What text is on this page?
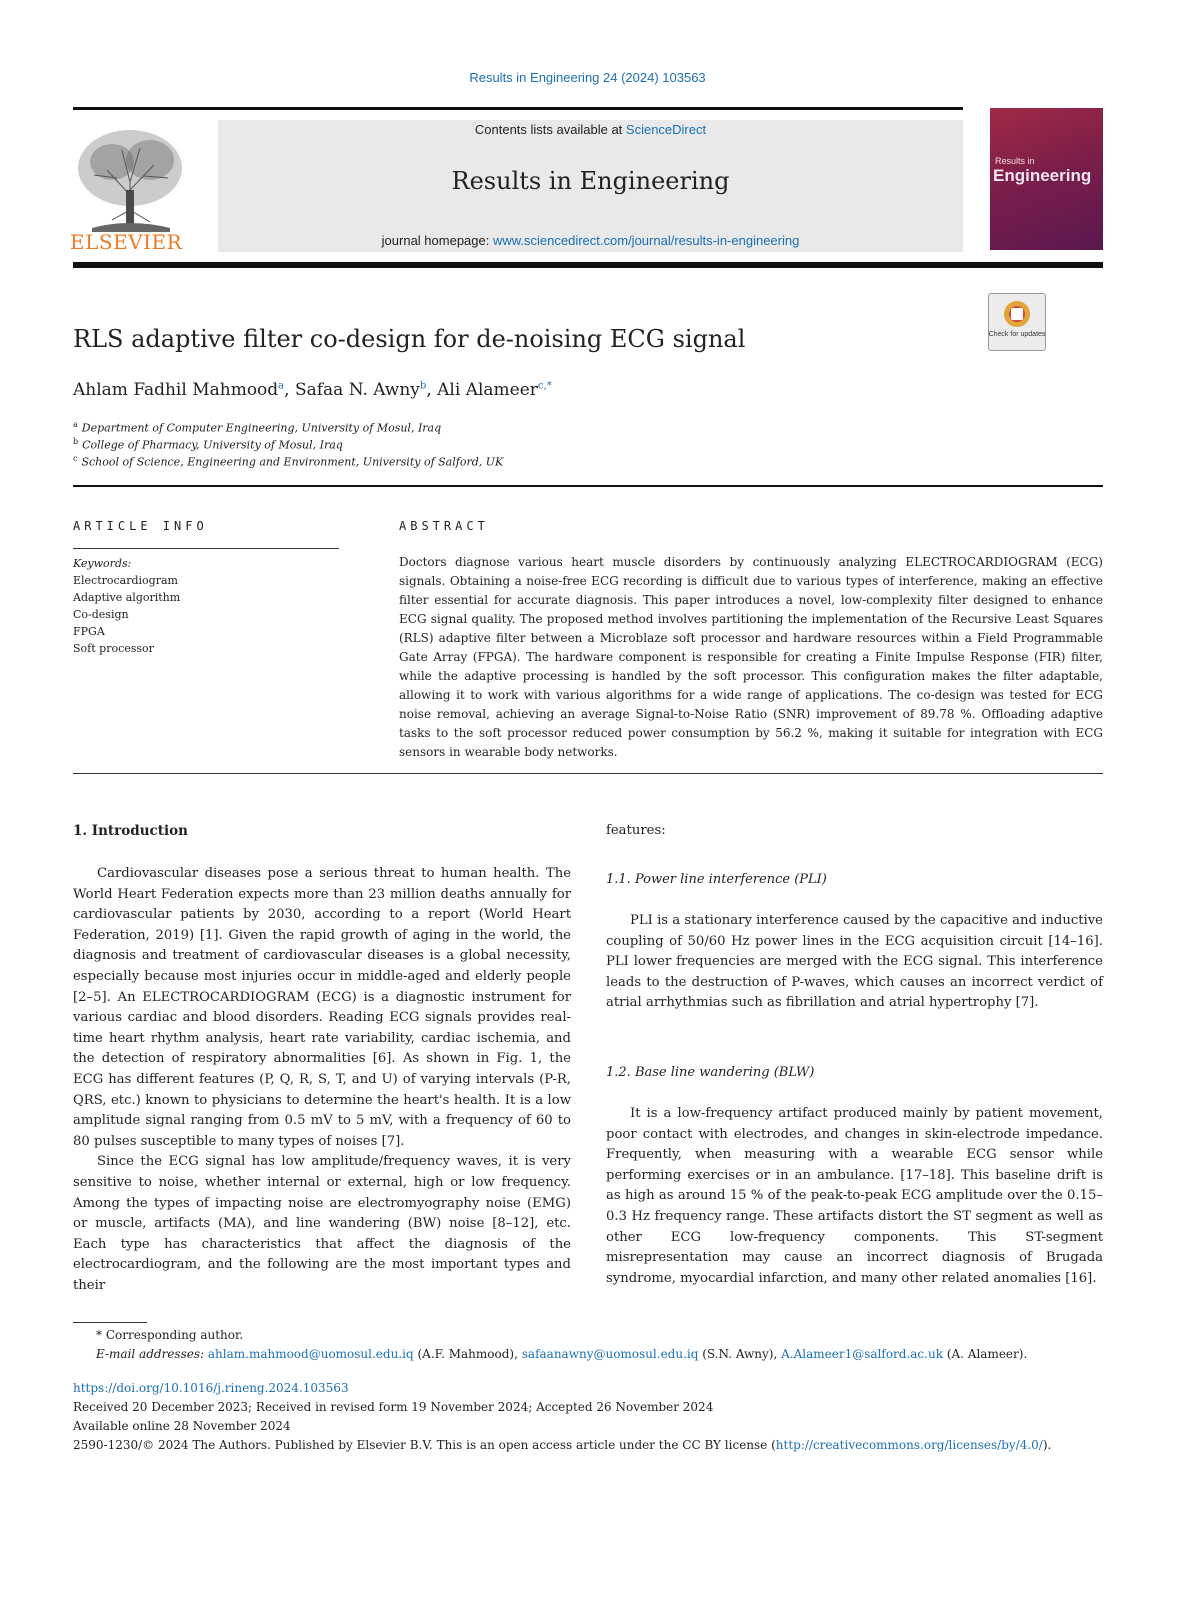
Results in Engineering 24 (2024) 103563
ELSEVIER
Contents lists available at ScienceDirect
Results in Engineering
journal homepage: www.sciencedirect.com/journal/results-in-engineering
Results in
Engineering
RLS adaptive filter co-design for de-noising ECG signal	Check for updates
Ahlam Fadhil Mahmood$^a$, Safaa N. Awny$^b$, Ali Alameer$^{c,*}$
$^a$ Department of Computer Engineering, University of Mosul, Iraq
$^b$ College of Pharmacy, University of Mosul, Iraq
$^c$ School of Science, Engineering and Environment, University of Salford, UK
ARTICLE INFO
Keywords:
Electrocardiogram
Adaptive algorithm
Co-design
FPGA
Soft processor
ABSTRACT
Doctors diagnose various heart muscle disorders by continuously analyzing ELECTROCARDIOGRAM (ECG) signals. Obtaining a noise-free ECG recording is difficult due to various types of interference, making an effective filter essential for accurate diagnosis. This paper introduces a novel, low-complexity filter designed to enhance ECG signal quality. The proposed method involves partitioning the implementation of the Recursive Least Squares (RLS) adaptive filter between a Microblaze soft processor and hardware resources within a Field Programmable Gate Array (FPGA). The hardware component is responsible for creating a Finite Impulse Response (FIR) filter, while the adaptive processing is handled by the soft processor. This configuration makes the filter adaptable, allowing it to work with various algorithms for a wide range of applications. The co-design was tested for ECG noise removal, achieving an average Signal-to-Noise Ratio (SNR) improvement of 89.78 %. Offloading adaptive tasks to the soft processor reduced power consumption by 56.2 %, making it suitable for integration with ECG sensors in wearable body networks.
1. Introduction

Cardiovascular diseases pose a serious threat to human health. The World Heart Federation expects more than 23 million deaths annually for cardiovascular patients by 2030, according to a report (World Heart Federation, 2019) [1]. Given the rapid growth of aging in the world, the diagnosis and treatment of cardiovascular diseases is a global necessity, especially because most injuries occur in middle-aged and elderly people [2–5]. An ELECTROCARDIOGRAM (ECG) is a diagnostic instrument for various cardiac and blood disorders. Reading ECG signals provides real-time heart rhythm analysis, heart rate variability, cardiac ischemia, and the detection of respiratory abnormalities [6]. As shown in Fig. 1, the ECG has different features (P, Q, R, S, T, and U) of varying intervals (P-R, QRS, etc.) known to physicians to determine the heart's health. It is a low amplitude signal ranging from 0.5 mV to 5 mV, with a frequency of 60 to 80 pulses susceptible to many types of noises [7].

Since the ECG signal has low amplitude/frequency waves, it is very sensitive to noise, whether internal or external, high or low frequency. Among the types of impacting noise are electromyography noise (EMG) or muscle, artifacts (MA), and line wandering (BW) noise [8–12], etc. Each type has characteristics that affect the diagnosis of the electrocardiogram, and the following are the most important types and their

features:

1.1. Power line interference (PLI)

PLI is a stationary interference caused by the capacitive and inductive coupling of 50/60 Hz power lines in the ECG acquisition circuit [14–16]. PLI lower frequencies are merged with the ECG signal. This interference leads to the destruction of P-waves, which causes an incorrect verdict of atrial arrhythmias such as fibrillation and atrial hypertrophy [7].

1.2. Base line wandering (BLW)

It is a low-frequency artifact produced mainly by patient movement, poor contact with electrodes, and changes in skin-electrode impedance. Frequently, when measuring with a wearable ECG sensor while performing exercises or in an ambulance. [17–18]. This baseline drift is as high as around 15 % of the peak-to-peak ECG amplitude over the 0.15–0.3 Hz frequency range. These artifacts distort the ST segment as well as other ECG low-frequency components. This ST-segment misrepresentation may cause an incorrect diagnosis of Brugada syndrome, myocardial infarction, and many other related anomalies [16].

* Corresponding author.
E-mail addresses: ahlam.mahmood@uomosul.edu.iq (A.F. Mahmood), safaanawny@uomosul.edu.iq (S.N. Awny), A.Alameer1@salford.ac.uk (A. Alameer).
https://doi.org/10.1016/j.rineng.2024.103563
Received 20 December 2023; Received in revised form 19 November 2024; Accepted 26 November 2024
Available online 28 November 2024
2590-1230/© 2024 The Authors. Published by Elsevier B.V. This is an open access article under the CC BY license (http://creativecommons.org/licenses/by/4.0/).
